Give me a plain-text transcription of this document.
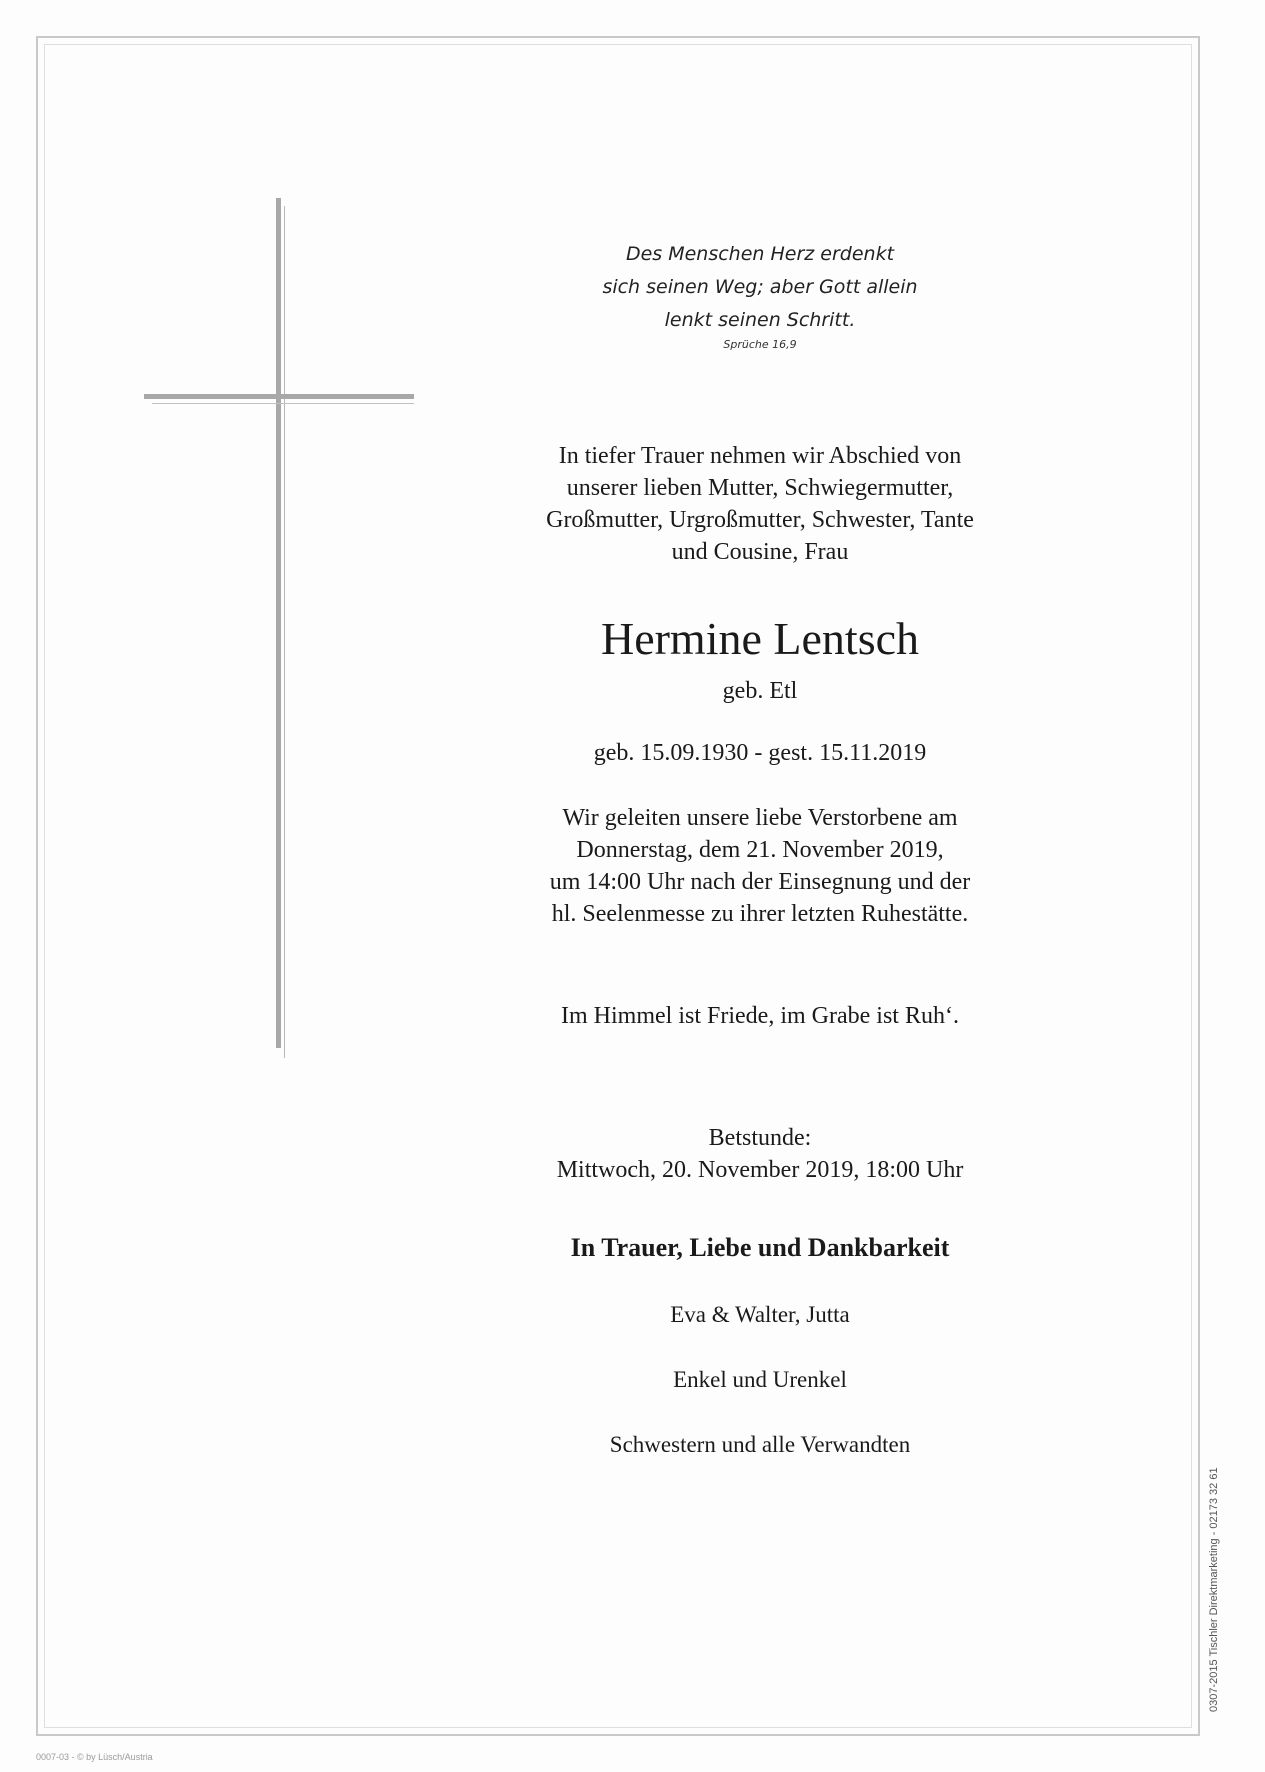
Des Menschen Herz erdenkt
sich seinen Weg; aber Gott allein
lenkt seinen Schritt.
Sprüche 16,9
In tiefer Trauer nehmen wir Abschied von
unserer lieben Mutter, Schwiegermutter,
Großmutter, Urgroßmutter, Schwester, Tante
und Cousine, Frau
Hermine Lentsch
geb. Etl
geb. 15.09.1930 - gest. 15.11.2019
Wir geleiten unsere liebe Verstorbene am
Donnerstag, dem 21. November 2019,
um 14:00 Uhr nach der Einsegnung und der
hl. Seelenmesse zu ihrer letzten Ruhestätte.
Im Himmel ist Friede, im Grabe ist Ruh‘.
Betstunde:
Mittwoch, 20. November 2019, 18:00 Uhr
In Trauer, Liebe und Dankbarkeit
Eva & Walter, Jutta
Enkel und Urenkel
Schwestern und alle Verwandten
0307-2015 Tischler Direktmarketing - 02173 32 61
0007-03 - © by Lüsch/Austria
